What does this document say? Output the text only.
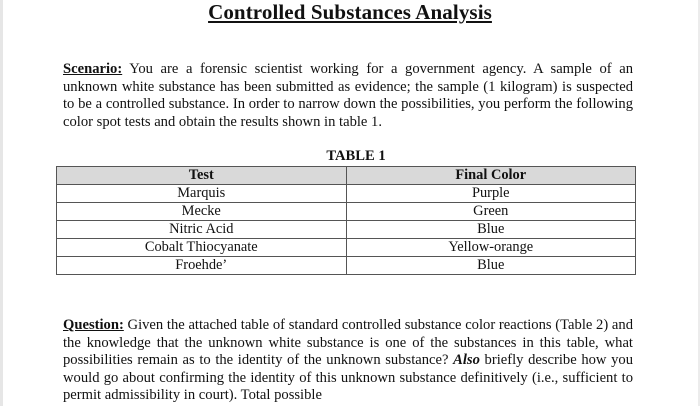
Controlled Substances Analysis
Scenario: You are a forensic scientist working for a government agency. A sample of an unknown white substance has been submitted as evidence; the sample (1 kilogram) is suspected to be a controlled substance. In order to narrow down the possibilities, you perform the following color spot tests and obtain the results shown in table 1.
TABLE 1
Test	Final Color
Marquis	Purple
Mecke	Green
Nitric Acid	Blue
Cobalt Thiocyanate	Yellow-orange
Froehde’	Blue
Question: Given the attached table of standard controlled substance color reactions (Table 2) and the knowledge that the unknown white substance is one of the substances in this table, what possibilities remain as to the identity of the unknown substance? Also briefly describe how you would go about confirming the identity of this unknown substance definitively (i.e., sufficient to permit admissibility in court). Total possible
